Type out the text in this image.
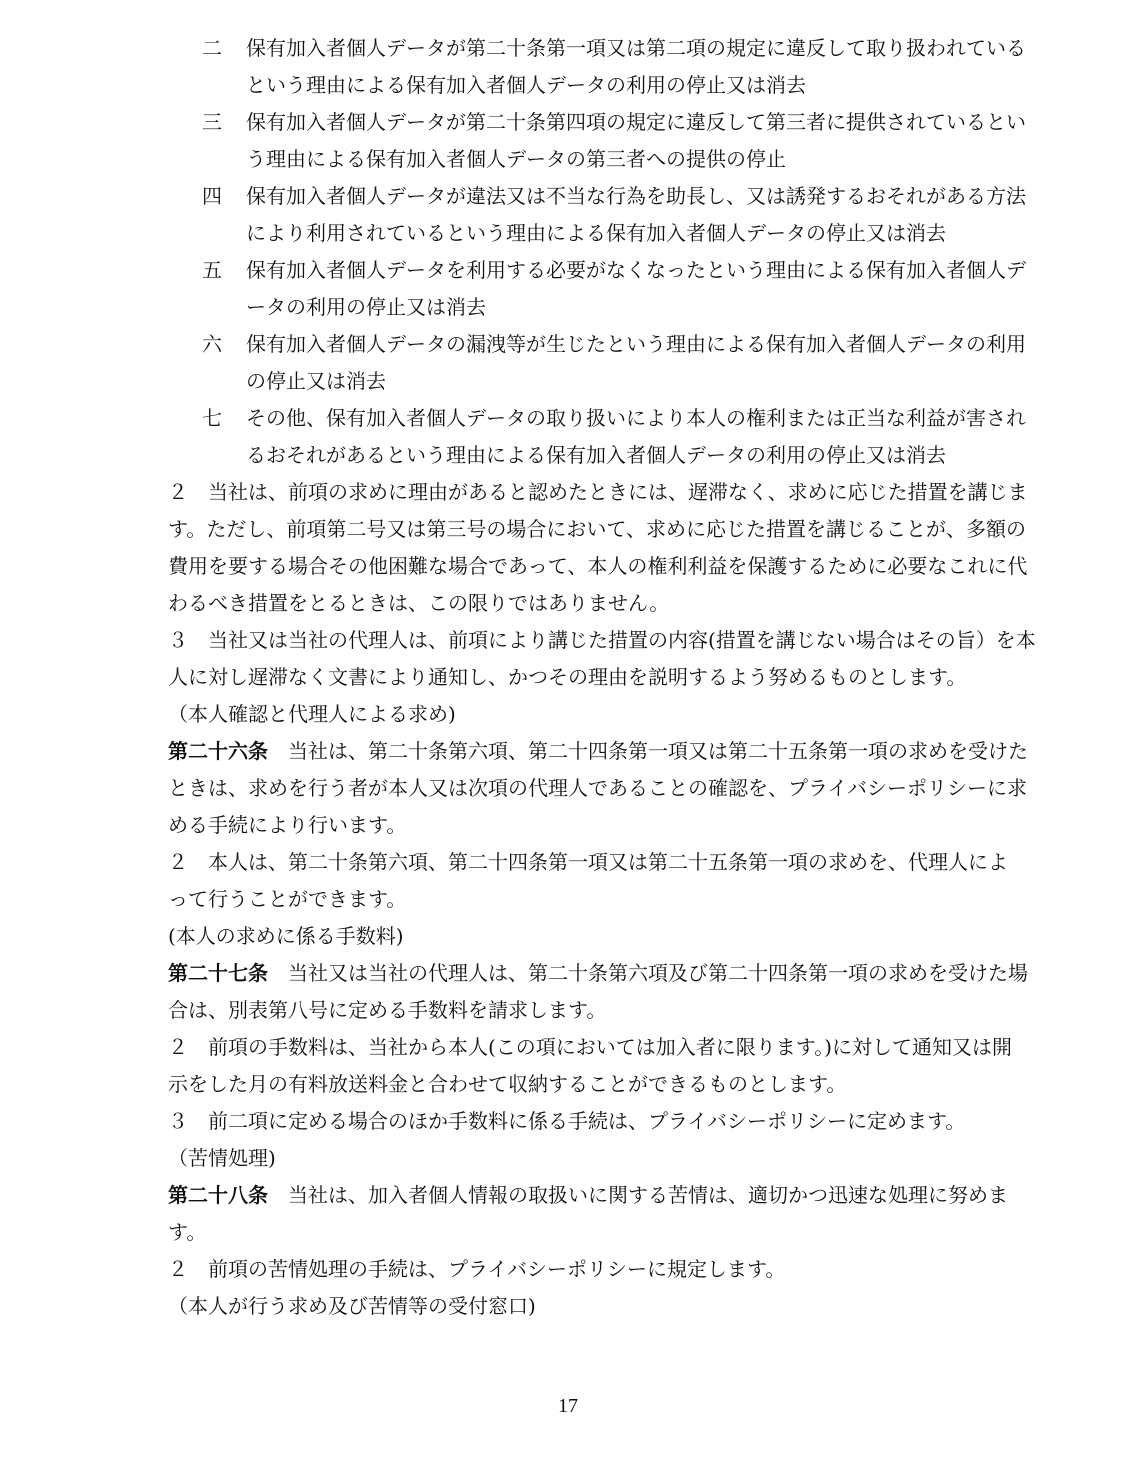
二 保有加入者個人データが第二十条第一項又は第二項の規定に違反して取り扱われている
という理由による保有加入者個人データの利用の停止又は消去
三 保有加入者個人データが第二十条第四項の規定に違反して第三者に提供されているとい
う理由による保有加入者個人データの第三者への提供の停止
四 保有加入者個人データが違法又は不当な行為を助長し、又は誘発するおそれがある方法
により利用されているという理由による保有加入者個人データの停止又は消去
五 保有加入者個人データを利用する必要がなくなったという理由による保有加入者個人デ
ータの利用の停止又は消去
六 保有加入者個人データの漏洩等が生じたという理由による保有加入者個人データの利用
の停止又は消去
七 その他、保有加入者個人データの取り扱いにより本人の権利または正当な利益が害され
るおそれがあるという理由による保有加入者個人データの利用の停止又は消去
２　当社は、前項の求めに理由があると認めたときには、遅滞なく、求めに応じた措置を講じま
す。ただし、前項第二号又は第三号の場合において、求めに応じた措置を講じることが、多額の
費用を要する場合その他困難な場合であって、本人の権利利益を保護するために必要なこれに代
わるべき措置をとるときは、この限りではありません。
３　当社又は当社の代理人は、前項により講じた措置の内容(措置を講じない場合はその旨）を本
人に対し遅滞なく文書により通知し、かつその理由を説明するよう努めるものとします。
（本人確認と代理人による求め)
第二十六条　当社は、第二十条第六項、第二十四条第一項又は第二十五条第一項の求めを受けた
ときは、求めを行う者が本人又は次項の代理人であることの確認を、プライバシーポリシーに求
める手続により行います。
２　本人は、第二十条第六項、第二十四条第一項又は第二十五条第一項の求めを、代理人によ
って行うことができます。
(本人の求めに係る手数料)
第二十七条　当社又は当社の代理人は、第二十条第六項及び第二十四条第一項の求めを受けた場
合は、別表第八号に定める手数料を請求します。
２　前項の手数料は、当社から本人(この項においては加入者に限ります。)に対して通知又は開
示をした月の有料放送料金と合わせて収納することができるものとします。
３　前二項に定める場合のほか手数料に係る手続は、プライバシーポリシーに定めます。
（苦情処理)
第二十八条　当社は、加入者個人情報の取扱いに関する苦情は、適切かつ迅速な処理に努めま
す。
２　前項の苦情処理の手続は、プライバシーポリシーに規定します。
（本人が行う求め及び苦情等の受付窓口)
17
